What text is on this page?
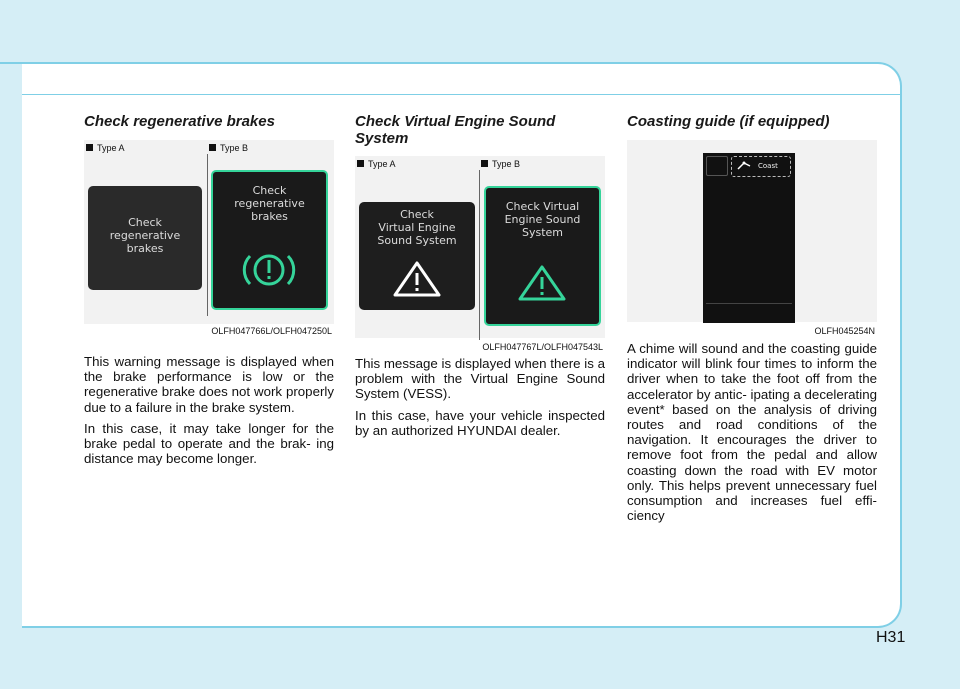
Check regenerative brakes
Type A	Type B
Check
regenerative
brakes
Check
regenerative
brakes
OLFH047766L/OLFH047250L

This warning message is displayed when the brake performance is low or the regenerative brake does not work properly due to a failure in the brake system.

In this case, it may take longer for the brake pedal to operate and the brak- ing distance may become longer.

Check Virtual Engine Sound System
Type A	Type B
Check
Virtual Engine
Sound System
Check Virtual
Engine Sound
System
OLFH047767L/OLFH047543L

This message is displayed when there is a problem with the Virtual Engine Sound System (VESS).

In this case, have your vehicle inspected by an authorized HYUNDAI dealer.

Coasting guide (if equipped)
Coast
OLFH045254N

A chime will sound and the coasting guide indicator will blink four times to inform the driver when to take the foot off from the accelerator by antic- ipating a decelerating event* based on the analysis of driving routes and road conditions of the navigation. It encourages the driver to remove foot from the pedal and allow coasting down the road with EV motor only. This helps prevent unnecessary fuel consumption and increases fuel effi- ciency

H31
